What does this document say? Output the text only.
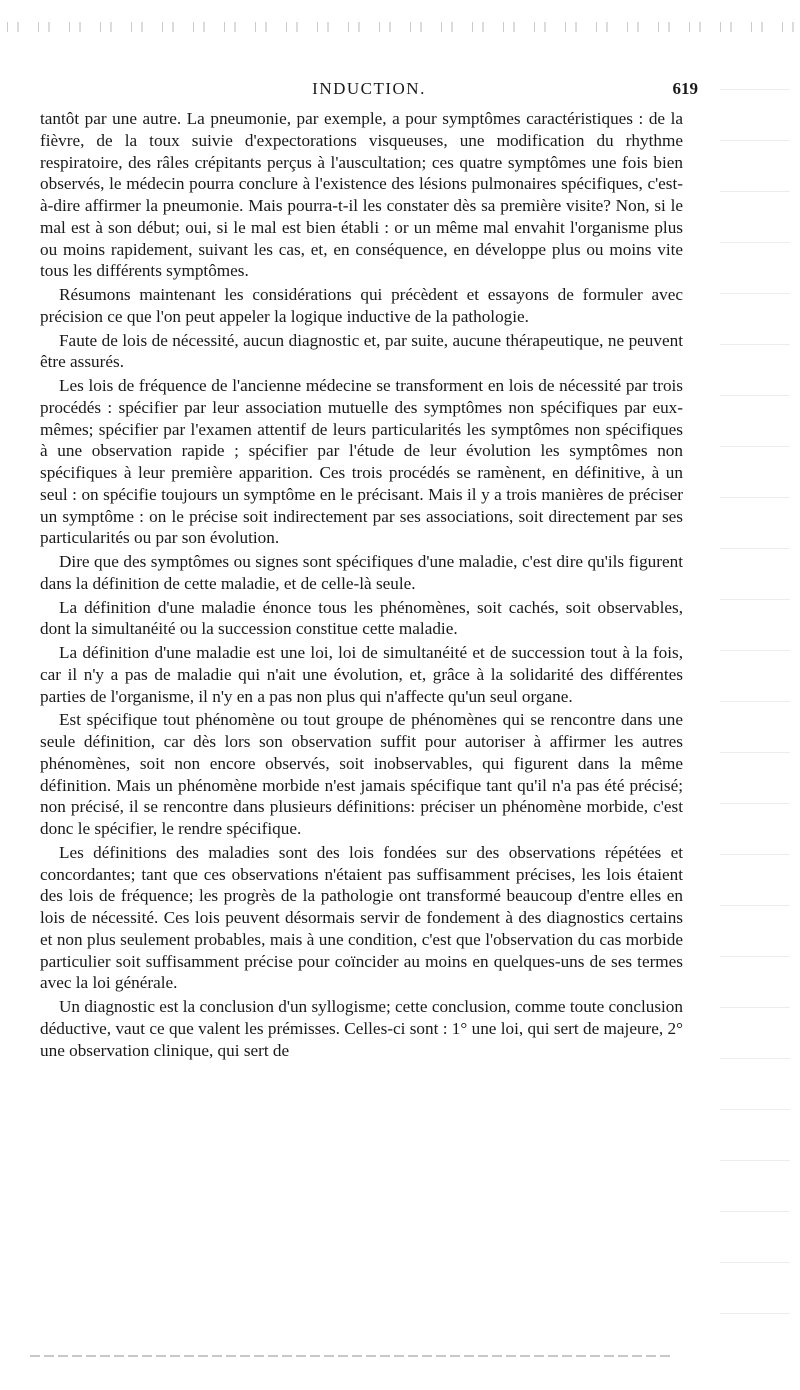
INDUCTION.	619

tantôt par une autre. La pneumonie, par exemple, a pour symptômes caractéristiques : de la fièvre, de la toux suivie d'expectorations visqueuses, une modification du rhythme respiratoire, des râles crépitants perçus à l'auscultation; ces quatre symptômes une fois bien observés, le médecin pourra conclure à l'existence des lésions pulmonaires spécifiques, c'est-à-dire affirmer la pneumonie. Mais pourra-t-il les constater dès sa première visite? Non, si le mal est à son début; oui, si le mal est bien établi : or un même mal envahit l'organisme plus ou moins rapidement, suivant les cas, et, en conséquence, en développe plus ou moins vite tous les différents symptômes.

Résumons maintenant les considérations qui précèdent et essayons de formuler avec précision ce que l'on peut appeler la logique inductive de la pathologie.

Faute de lois de nécessité, aucun diagnostic et, par suite, aucune thérapeutique, ne peuvent être assurés.

Les lois de fréquence de l'ancienne médecine se transforment en lois de nécessité par trois procédés : spécifier par leur association mutuelle des symptômes non spécifiques par eux-mêmes; spécifier par l'examen attentif de leurs particularités les symptômes non spécifiques à une observation rapide ; spécifier par l'étude de leur évolution les symptômes non spécifiques à leur première apparition. Ces trois procédés se ramènent, en définitive, à un seul : on spécifie toujours un symptôme en le précisant. Mais il y a trois manières de préciser un symptôme : on le précise soit indirectement par ses associations, soit directement par ses particularités ou par son évolution.

Dire que des symptômes ou signes sont spécifiques d'une maladie, c'est dire qu'ils figurent dans la définition de cette maladie, et de celle-là seule.

La définition d'une maladie énonce tous les phénomènes, soit cachés, soit observables, dont la simultanéité ou la succession constitue cette maladie.

La définition d'une maladie est une loi, loi de simultanéité et de succession tout à la fois, car il n'y a pas de maladie qui n'ait une évolution, et, grâce à la solidarité des différentes parties de l'organisme, il n'y en a pas non plus qui n'affecte qu'un seul organe.

Est spécifique tout phénomène ou tout groupe de phénomènes qui se rencontre dans une seule définition, car dès lors son observation suffit pour autoriser à affirmer les autres phénomènes, soit non encore observés, soit inobservables, qui figurent dans la même définition. Mais un phénomène morbide n'est jamais spécifique tant qu'il n'a pas été précisé; non précisé, il se rencontre dans plusieurs définitions: préciser un phénomène morbide, c'est donc le spécifier, le rendre spécifique.

Les définitions des maladies sont des lois fondées sur des observations répétées et concordantes; tant que ces observations n'étaient pas suffisamment précises, les lois étaient des lois de fréquence; les progrès de la pathologie ont transformé beaucoup d'entre elles en lois de nécessité. Ces lois peuvent désormais servir de fondement à des diagnostics certains et non plus seulement probables, mais à une condition, c'est que l'observation du cas morbide particulier soit suffisamment précise pour coïncider au moins en quelques-uns de ses termes avec la loi générale.

Un diagnostic est la conclusion d'un syllogisme; cette conclusion, comme toute conclusion déductive, vaut ce que valent les prémisses. Celles-ci sont : 1° une loi, qui sert de majeure, 2° une observation clinique, qui sert de
